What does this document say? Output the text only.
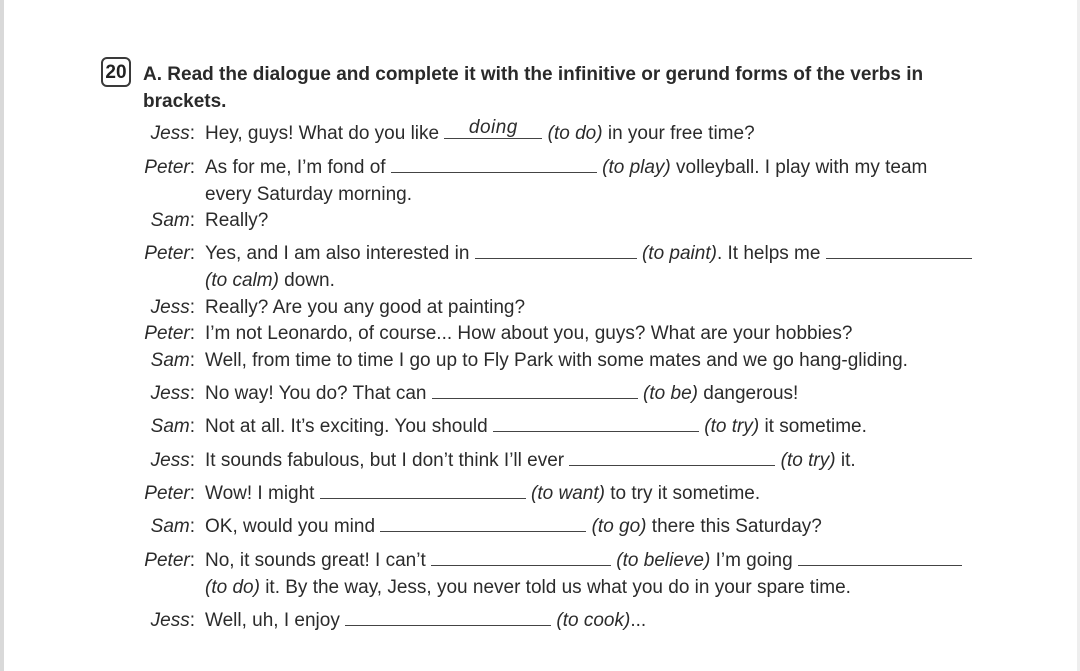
20 A. Read the dialogue and complete it with the infinitive or gerund forms of the verbs in
brackets.
Jess: Hey, guys! What do you like	doing	(to do) in your free time?
Peter: As for me, I’m fond of	(to play) volleyball. I play with my team
every Saturday morning.
Sam: Really?
Peter: Yes, and I am also interested in	(to paint). It helps me
(to calm) down.
Jess: Really? Are you any good at painting?
Peter: I’m not Leonardo, of course... How about you, guys? What are your hobbies?
Sam: Well, from time to time I go up to Fly Park with some mates and we go hang-gliding.
Jess: No way! You do? That can	(to be) dangerous!
Sam: Not at all. It’s exciting. You should	(to try) it sometime.
Jess: It sounds fabulous, but I don’t think I’ll ever	(to try) it.
Peter: Wow! I might	(to want) to try it sometime.
Sam: OK, would you mind	(to go) there this Saturday?
Peter: No, it sounds great! I can’t	(to believe) I’m going
(to do) it. By the way, Jess, you never told us what you do in your spare time.
Jess: Well, uh, I enjoy	(to cook)...
